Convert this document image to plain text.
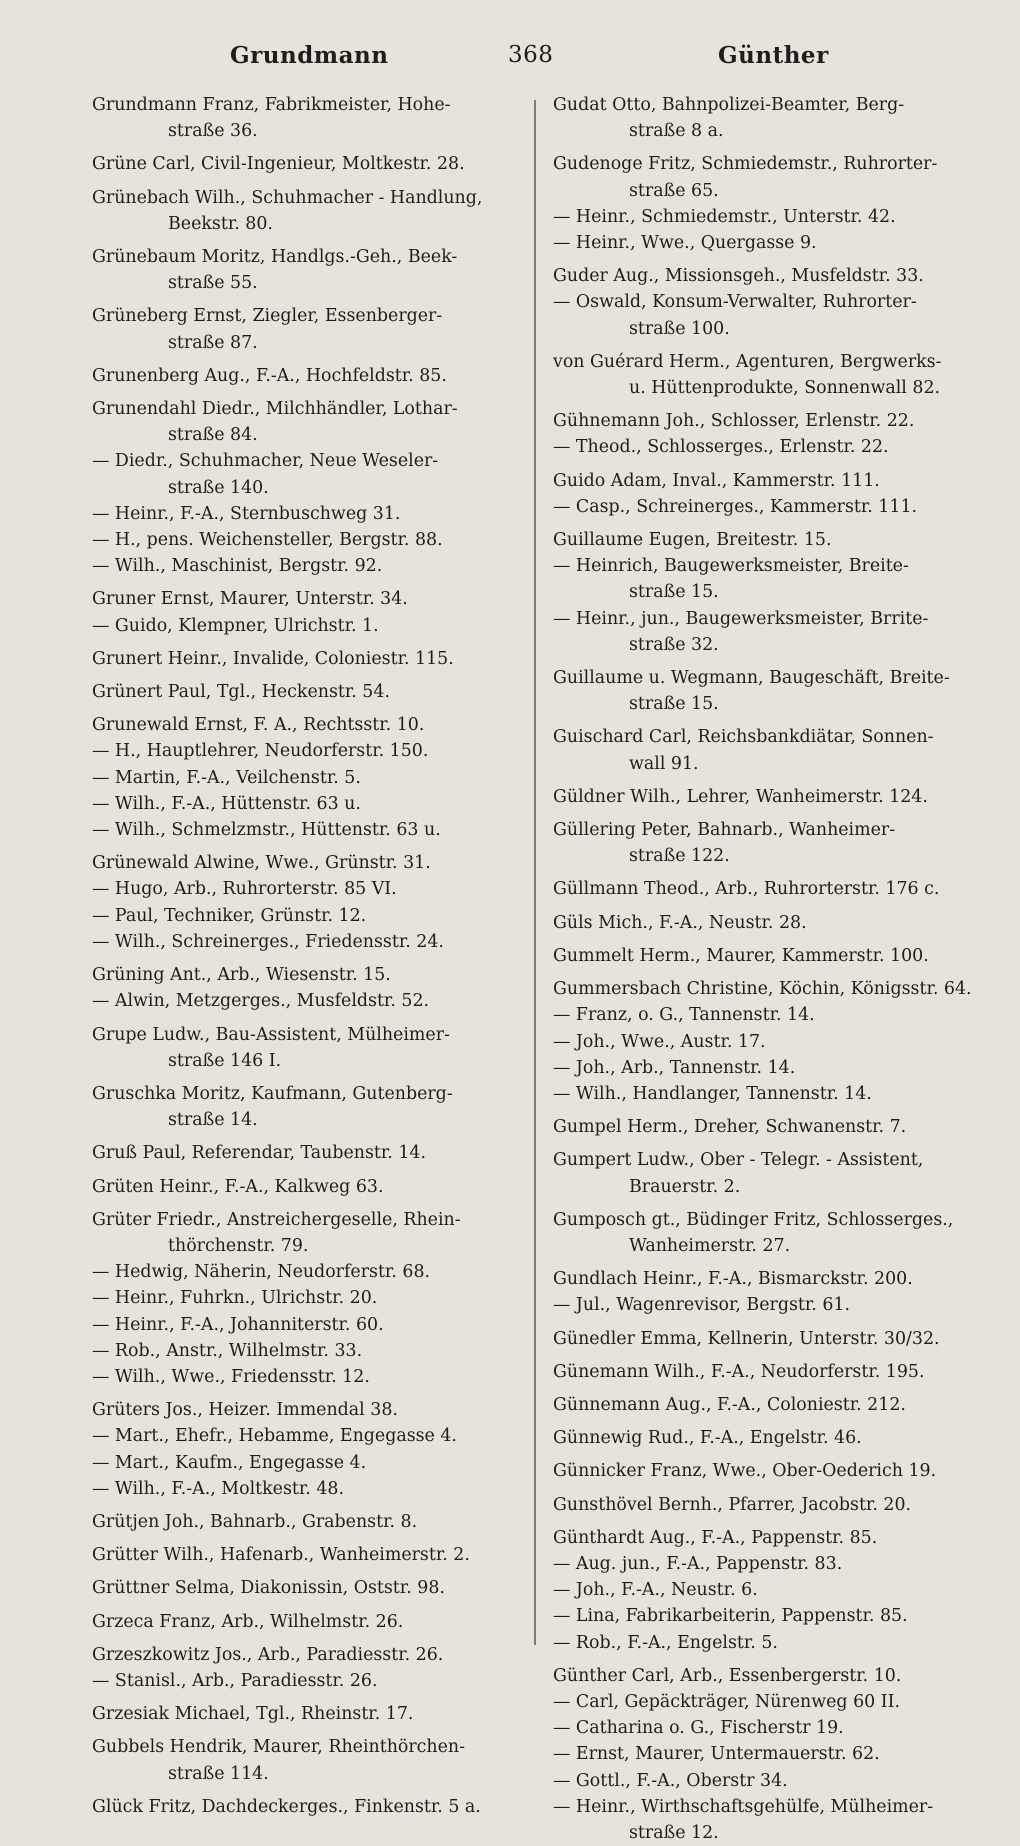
Grundmann	368	Günther
Grundmann Franz, Fabrikmeister, Hohe-
straße 36.
Grüne Carl, Civil-Ingenieur, Moltkestr. 28.
Grünebach Wilh., Schuhmacher - Handlung,
Beekstr. 80.
Grünebaum Moritz, Handlgs.-Geh., Beek-
straße 55.
Grüneberg Ernst, Ziegler, Essenberger-
straße 87.
Grunenberg Aug., F.-A., Hochfeldstr. 85.
Grunendahl Diedr., Milchhändler, Lothar-
straße 84.
— Diedr., Schuhmacher, Neue Weseler-
straße 140.
— Heinr., F.-A., Sternbuschweg 31.
— H., pens. Weichensteller, Bergstr. 88.
— Wilh., Maschinist, Bergstr. 92.
Gruner Ernst, Maurer, Unterstr. 34.
— Guido, Klempner, Ulrichstr. 1.
Grunert Heinr., Invalide, Coloniestr. 115.
Grünert Paul, Tgl., Heckenstr. 54.
Grunewald Ernst, F. A., Rechtsstr. 10.
— H., Hauptlehrer, Neudorferstr. 150.
— Martin, F.-A., Veilchenstr. 5.
— Wilh., F.-A., Hüttenstr. 63 u.
— Wilh., Schmelzmstr., Hüttenstr. 63 u.
Grünewald Alwine, Wwe., Grünstr. 31.
— Hugo, Arb., Ruhrorterstr. 85 VI.
— Paul, Techniker, Grünstr. 12.
— Wilh., Schreinerges., Friedensstr. 24.
Grüning Ant., Arb., Wiesenstr. 15.
— Alwin, Metzgerges., Musfeldstr. 52.
Grupe Ludw., Bau-Assistent, Mülheimer-
straße 146 I.
Gruschka Moritz, Kaufmann, Gutenberg-
straße 14.
Gruß Paul, Referendar, Taubenstr. 14.
Grüten Heinr., F.-A., Kalkweg 63.
Grüter Friedr., Anstreichergeselle, Rhein-
thörchenstr. 79.
— Hedwig, Näherin, Neudorferstr. 68.
— Heinr., Fuhrkn., Ulrichstr. 20.
— Heinr., F.-A., Johanniterstr. 60.
— Rob., Anstr., Wilhelmstr. 33.
— Wilh., Wwe., Friedensstr. 12.
Grüters Jos., Heizer. Immendal 38.
— Mart., Ehefr., Hebamme, Engegasse 4.
— Mart., Kaufm., Engegasse 4.
— Wilh., F.-A., Moltkestr. 48.
Grütjen Joh., Bahnarb., Grabenstr. 8.
Grütter Wilh., Hafenarb., Wanheimerstr. 2.
Grüttner Selma, Diakonissin, Oststr. 98.
Grzeca Franz, Arb., Wilhelmstr. 26.
Grzeszkowitz Jos., Arb., Paradiesstr. 26.
— Stanisl., Arb., Paradiesstr. 26.
Grzesiak Michael, Tgl., Rheinstr. 17.
Gubbels Hendrik, Maurer, Rheinthörchen-
straße 114.
Glück Fritz, Dachdeckerges., Finkenstr. 5 a.
Gudat Otto, Bahnpolizei-Beamter, Berg-
straße 8 a.
Gudenoge Fritz, Schmiedemstr., Ruhrorter-
straße 65.
— Heinr., Schmiedemstr., Unterstr. 42.
— Heinr., Wwe., Quergasse 9.
Guder Aug., Missionsgeh., Musfeldstr. 33.
— Oswald, Konsum-Verwalter, Ruhrorter-
straße 100.
von Guérard Herm., Agenturen, Bergwerks-
u. Hüttenprodukte, Sonnenwall 82.
Gühnemann Joh., Schlosser, Erlenstr. 22.
— Theod., Schlosserges., Erlenstr. 22.
Guido Adam, Inval., Kammerstr. 111.
— Casp., Schreinerges., Kammerstr. 111.
Guillaume Eugen, Breitestr. 15.
— Heinrich, Baugewerksmeister, Breite-
straße 15.
— Heinr., jun., Baugewerksmeister, Brrite-
straße 32.
Guillaume u. Wegmann, Baugeschäft, Breite-
straße 15.
Guischard Carl, Reichsbankdiätar, Sonnen-
wall 91.
Güldner Wilh., Lehrer, Wanheimerstr. 124.
Güllering Peter, Bahnarb., Wanheimer-
straße 122.
Güllmann Theod., Arb., Ruhrorterstr. 176 c.
Güls Mich., F.-A., Neustr. 28.
Gummelt Herm., Maurer, Kammerstr. 100.
Gummersbach Christine, Köchin, Königsstr. 64.
— Franz, o. G., Tannenstr. 14.
— Joh., Wwe., Austr. 17.
— Joh., Arb., Tannenstr. 14.
— Wilh., Handlanger, Tannenstr. 14.
Gumpel Herm., Dreher, Schwanenstr. 7.
Gumpert Ludw., Ober - Telegr. - Assistent,
Brauerstr. 2.
Gumposch gt., Büdinger Fritz, Schlosserges.,
Wanheimerstr. 27.
Gundlach Heinr., F.-A., Bismarckstr. 200.
— Jul., Wagenrevisor, Bergstr. 61.
Günedler Emma, Kellnerin, Unterstr. 30/32.
Günemann Wilh., F.-A., Neudorferstr. 195.
Günnemann Aug., F.-A., Coloniestr. 212.
Günnewig Rud., F.-A., Engelstr. 46.
Günnicker Franz, Wwe., Ober-Oederich 19.
Gunsthövel Bernh., Pfarrer, Jacobstr. 20.
Günthardt Aug., F.-A., Pappenstr. 85.
— Aug. jun., F.-A., Pappenstr. 83.
— Joh., F.-A., Neustr. 6.
— Lina, Fabrikarbeiterin, Pappenstr. 85.
— Rob., F.-A., Engelstr. 5.
Günther Carl, Arb., Essenbergerstr. 10.
— Carl, Gepäckträger, Nürenweg 60 II.
— Catharina o. G., Fischerstr 19.
— Ernst, Maurer, Untermauerstr. 62.
— Gottl., F.-A., Oberstr 34.
— Heinr., Wirthschaftsgehülfe, Mülheimer-
straße 12.
